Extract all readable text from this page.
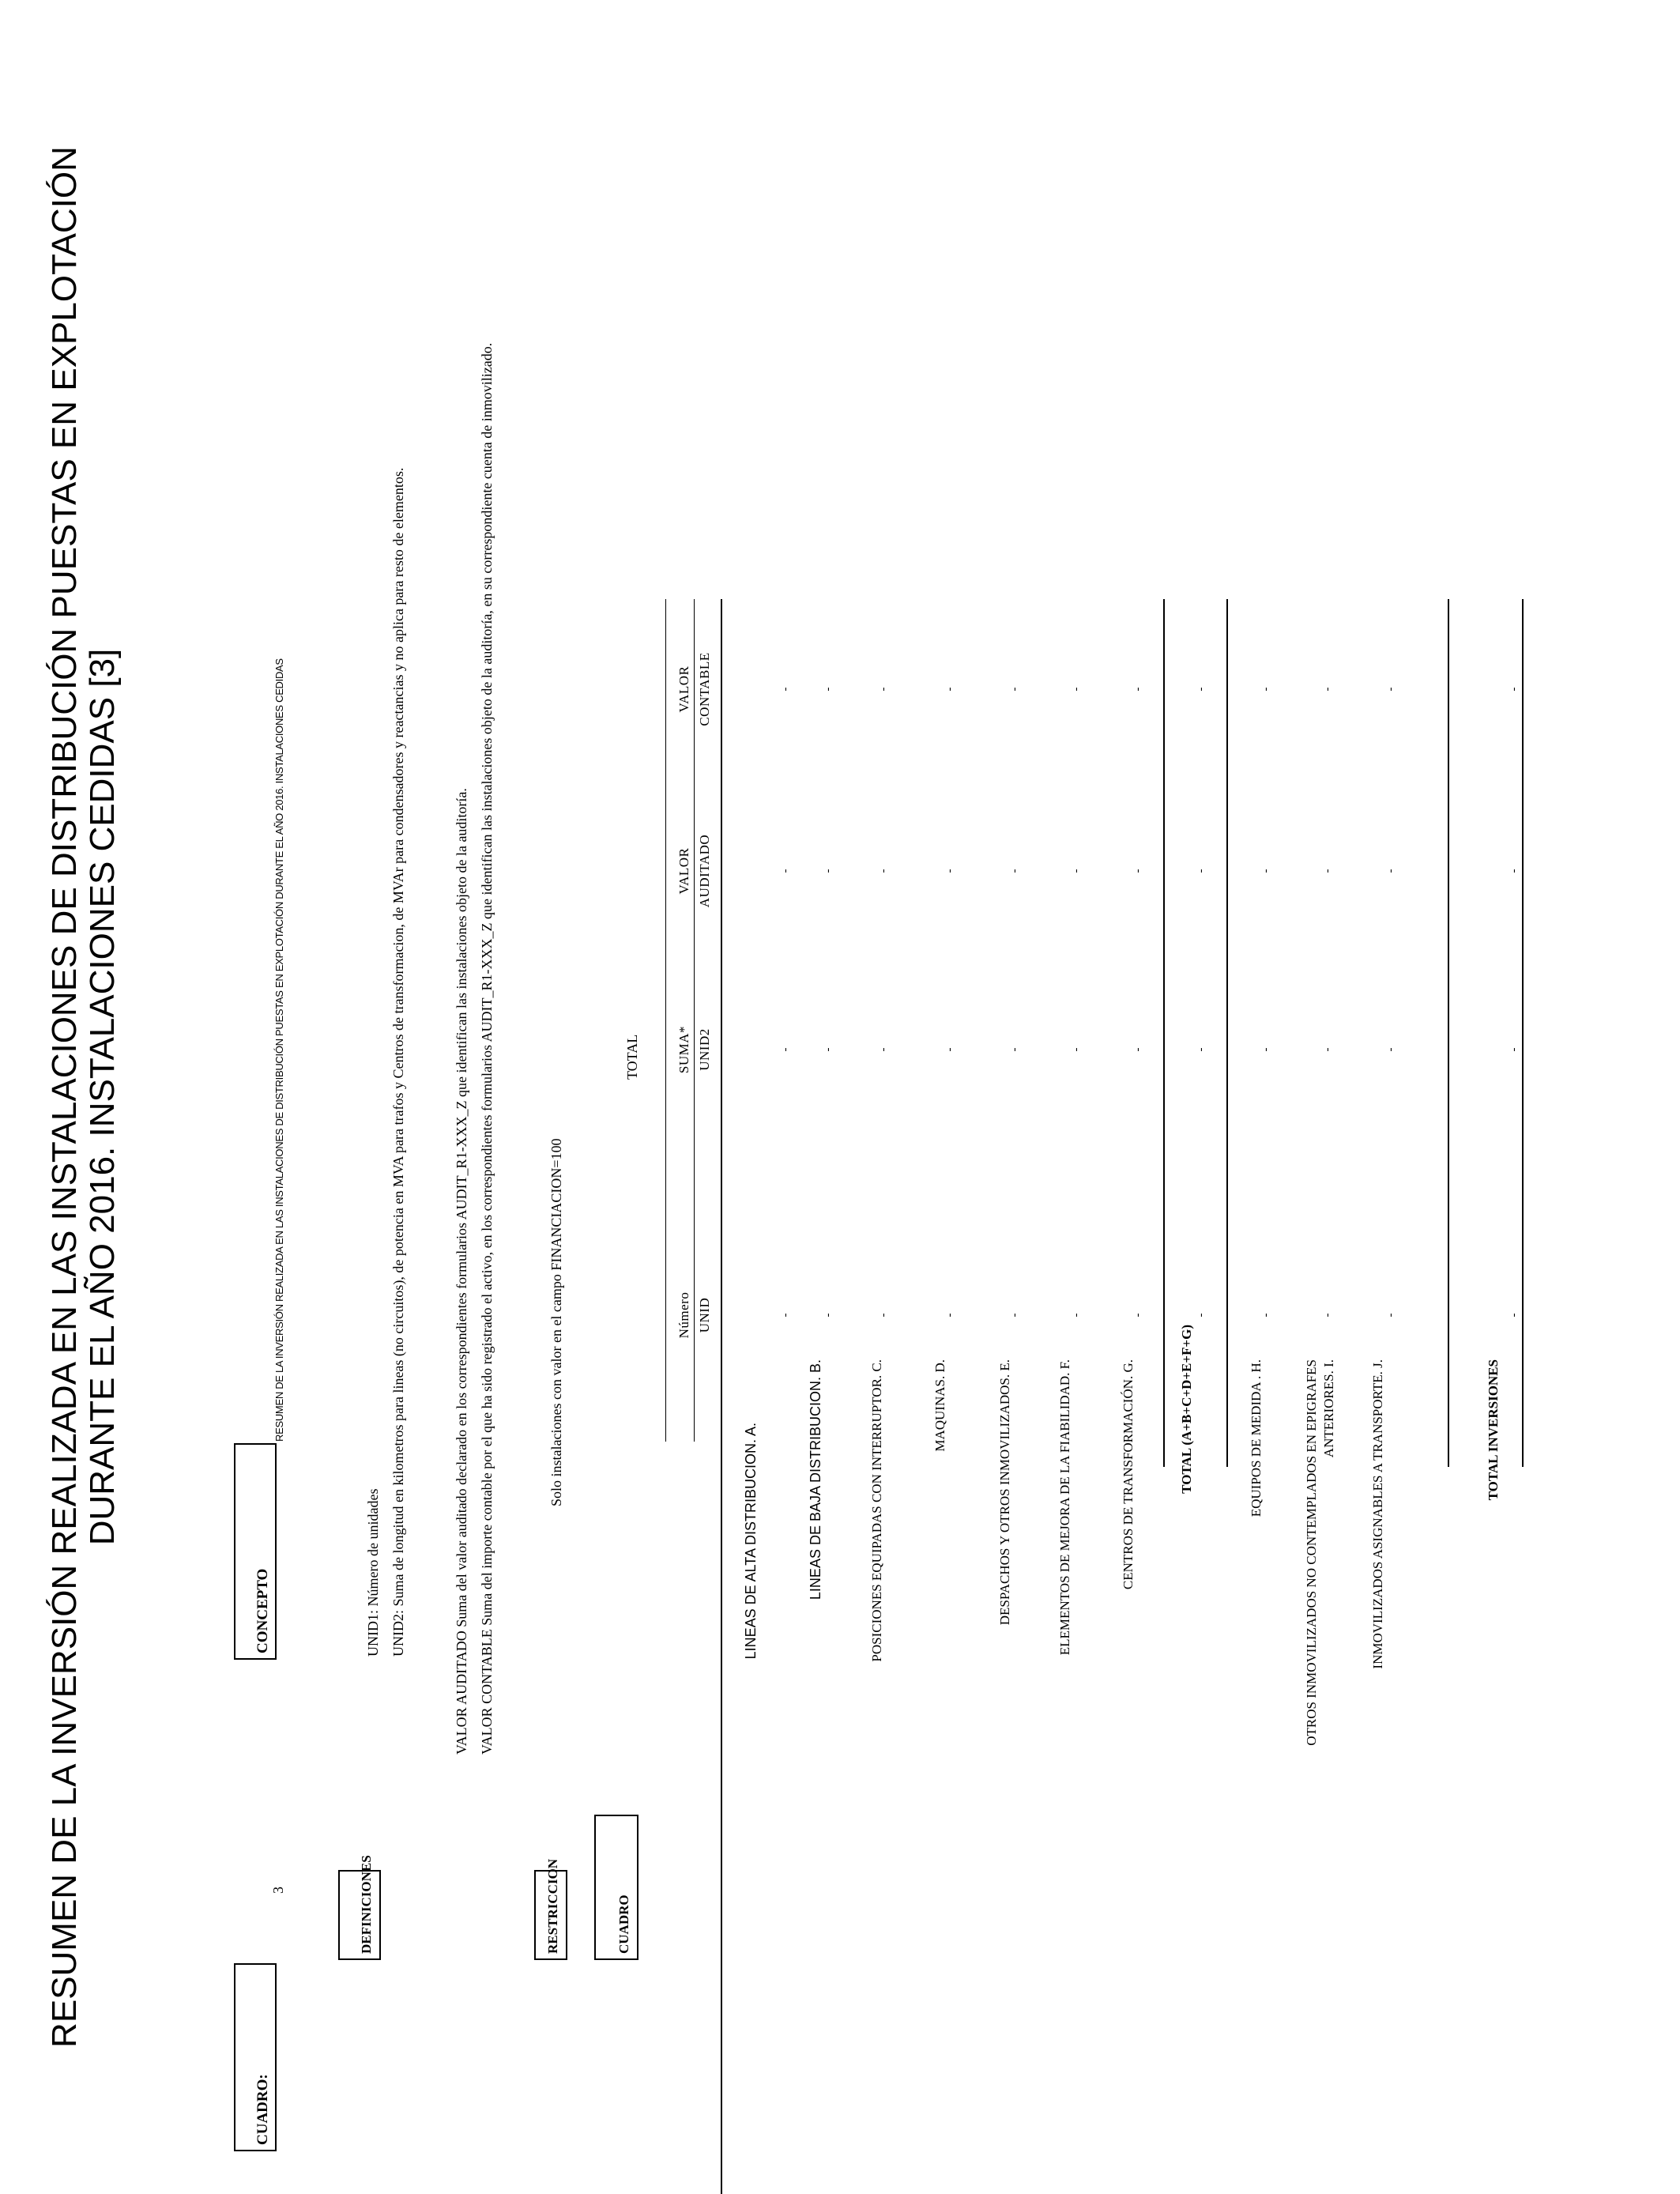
RESUMEN DE LA INVERSIÓN REALIZADA EN LAS INSTALACIONES DE DISTRIBUCIÓN PUESTAS EN EXPLOTACIÓN DURANTE EL AÑO 2016. INSTALACIONES CEDIDAS [3]
CUADRO:
3
CONCEPTO
RESUMEN DE LA INVERSIÓN REALIZADA EN LAS INSTALACIONES DE DISTRIBUCIÓN PUESTAS EN EXPLOTACIÓN DURANTE EL AÑO 2016. INSTALACIONES CEDIDAS
DEFINICIONES
UNID1: Número de unidades UNID2: Suma de longitud en kilometros para lineas (no circuitos), de potencia en MVA para trafos y Centros de transformacion, de MVAr para condensadores y reactancias y no aplica para resto de elementos.	VALOR AUDITADO Suma del valor auditado declarado en los correspondientes formularios AUDIT_R1-XXX_Z que identifican las instalaciones objeto de la auditoría. VALOR CONTABLE Suma del importe contable por el que ha sido registrado el activo, en los correspondientes formularios AUDIT_R1-XXX_Z que identifican las instalaciones objeto de la auditoría, en su correspondiente cuenta de inmovilizado.
RESTRICCION
Solo instalaciones con valor en el campo FINANCIACION=100
CUADRO
TOTAL
Número UNID
SUMA* UNID2
VALOR AUDITADO
VALOR CONTABLE
LINEAS DE ALTA DISTRIBUCION. A.
-
-
-
-
LINEAS DE BAJA DISTRIBUCION. B.
-
-
-
-
POSICIONES EQUIPADAS CON INTERRUPTOR. C.
-
-
-
-
MAQUINAS. D.
-
-
-
-
DESPACHOS Y OTROS INMOVILIZADOS. E.
-
-
-
-
ELEMENTOS DE MEJORA DE LA FIABILIDAD. F.
-
-
-
-
CENTROS DE TRANSFORMACIÓN. G.
-
-
-
-
TOTAL (A+B+C+D+E+F+G)
-
-
-
-
EQUIPOS DE MEDIDA . H.
-
-
-
-
OTROS INMOVILIZADOS NO CONTEMPLADOS EN EPIGRAFES ANTERIORES. I.
-
-
-
-
INMOVILIZADOS ASIGNABLES A TRANSPORTE. J.
-
-
-
-
TOTAL INVERSIONES
-
-
-
-
